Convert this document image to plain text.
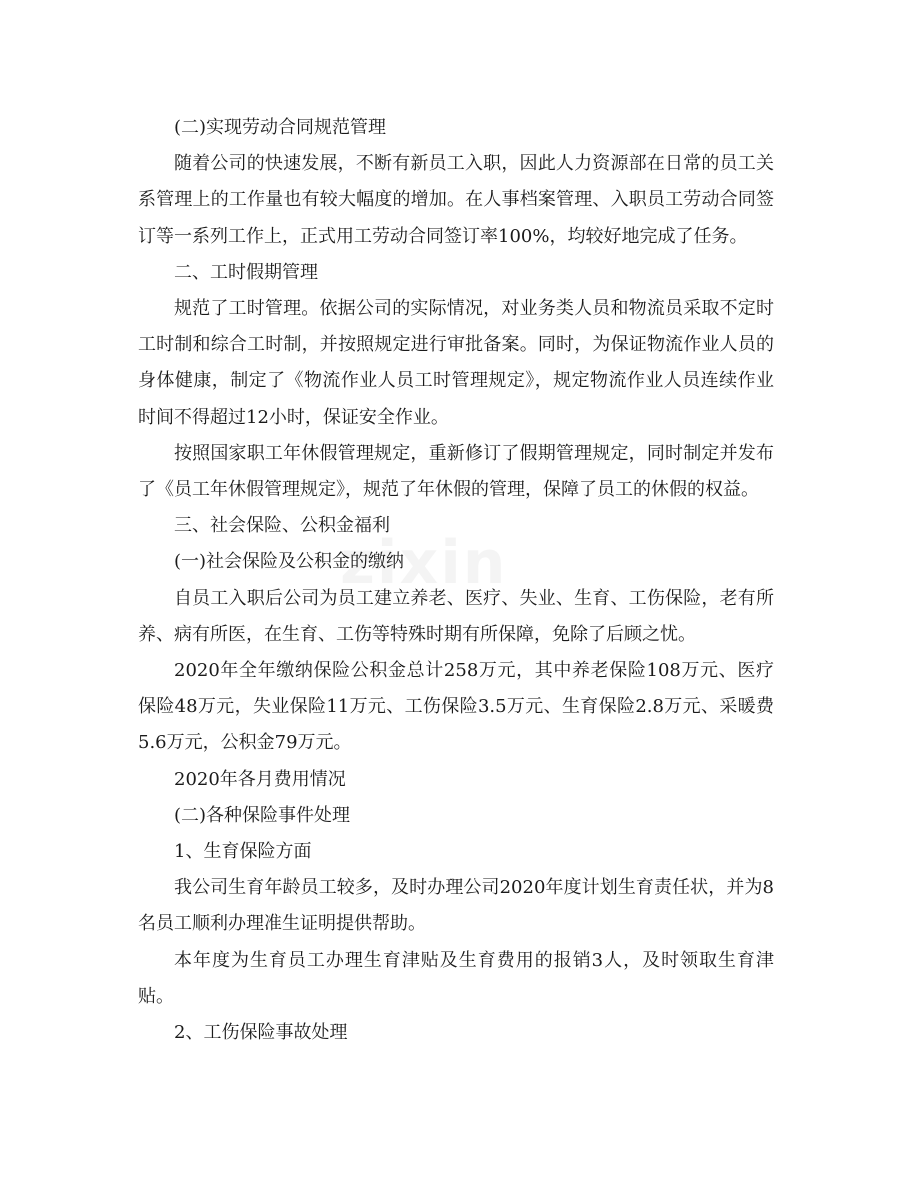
(二)实现劳动合同规范管理

随着公司的快速发展，不断有新员工入职，因此人力资源部在日常的员工关系管理上的工作量也有较大幅度的增加。在人事档案管理、入职员工劳动合同签订等一系列工作上，正式用工劳动合同签订率100%，均较好地完成了任务。

二、工时假期管理

规范了工时管理。依据公司的实际情况，对业务类人员和物流员采取不定时工时制和综合工时制，并按照规定进行审批备案。同时，为保证物流作业人员的身体健康，制定了《物流作业人员工时管理规定》，规定物流作业人员连续作业时间不得超过12小时，保证安全作业。

按照国家职工年休假管理规定，重新修订了假期管理规定，同时制定并发布了《员工年休假管理规定》，规范了年休假的管理，保障了员工的休假的权益。

三、社会保险、公积金福利

(一)社会保险及公积金的缴纳

自员工入职后公司为员工建立养老、医疗、失业、生育、工伤保险，老有所养、病有所医，在生育、工伤等特殊时期有所保障，免除了后顾之忧。

2020年全年缴纳保险公积金总计258万元，其中养老保险108万元、医疗保险48万元，失业保险11万元、工伤保险3.5万元、生育保险2.8万元、采暖费5.6万元，公积金79万元。

2020年各月费用情况

(二)各种保险事件处理

1、生育保险方面

我公司生育年龄员工较多，及时办理公司2020年度计划生育责任状，并为8名员工顺利办理准生证明提供帮助。

本年度为生育员工办理生育津贴及生育费用的报销3人，及时领取生育津贴。

2、工伤保险事故处理
